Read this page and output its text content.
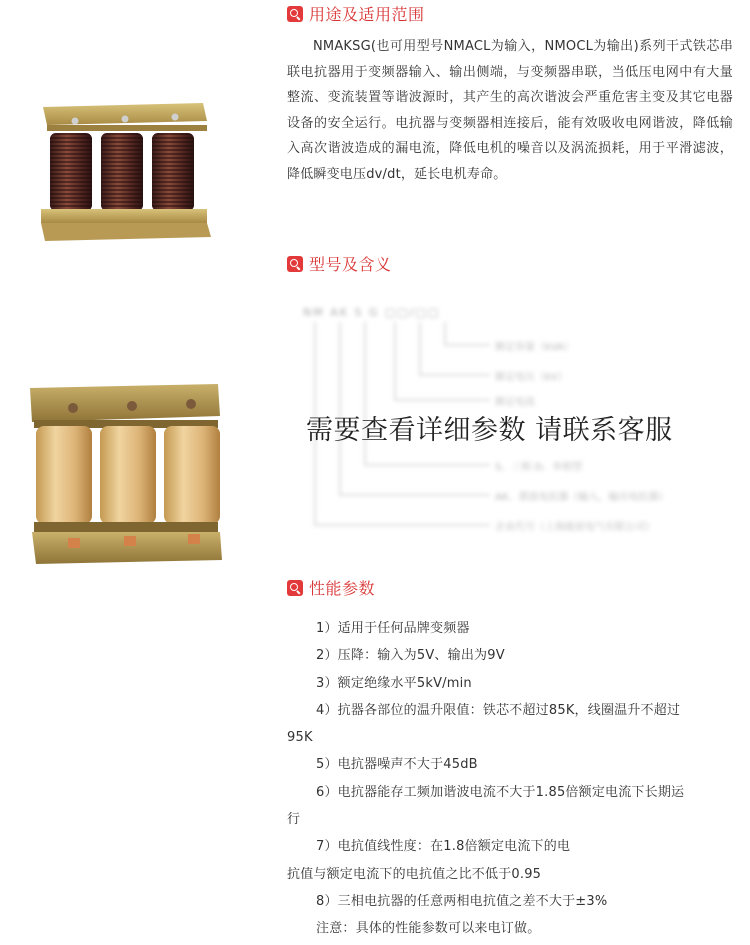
用途及适用范围
NMAKSG(也可用型号NMACL为输入，NMOCL为输出)系列干式铁芯串联电抗器用于变频器输入、输出侧端，与变频器串联，当低压电网中有大量整流、变流装置等谐波源时，其产生的高次谐波会严重危害主变及其它电器设备的安全运行。电抗器与变频器相连接后，能有效吸收电网谐波，降低输入高次谐波造成的漏电流，降低电机的噪音以及涡流损耗，用于平滑滤波，降低瞬变电压dv/dt，延长电机寿命。
型号及含义
NM AK S G □□/□□
额定容量（kVA）
额定电压（kV）
额定电流
S、三相 D、单相型
AK、谐波电抗器（输入，输出电抗器）
企业代号（上海能原电气有限公司）
需要查看详细参数 请联系客服
性能参数
1）适用于任何品牌变频器
2）压降：输入为5V、输出为9V
3）额定绝缘水平5kV/min
4）抗器各部位的温升限值：铁芯不超过85K，线圈温升不超过
95K
5）电抗器噪声不大于45dB
6）电抗器能存工频加谐波电流不大于1.85倍额定电流下长期运
行
7）电抗值线性度：在1.8倍额定电流下的电
抗值与额定电流下的电抗值之比不低于0.95
8）三相电抗器的任意两相电抗值之差不大于±3%
注意：具体的性能参数可以来电订做。
